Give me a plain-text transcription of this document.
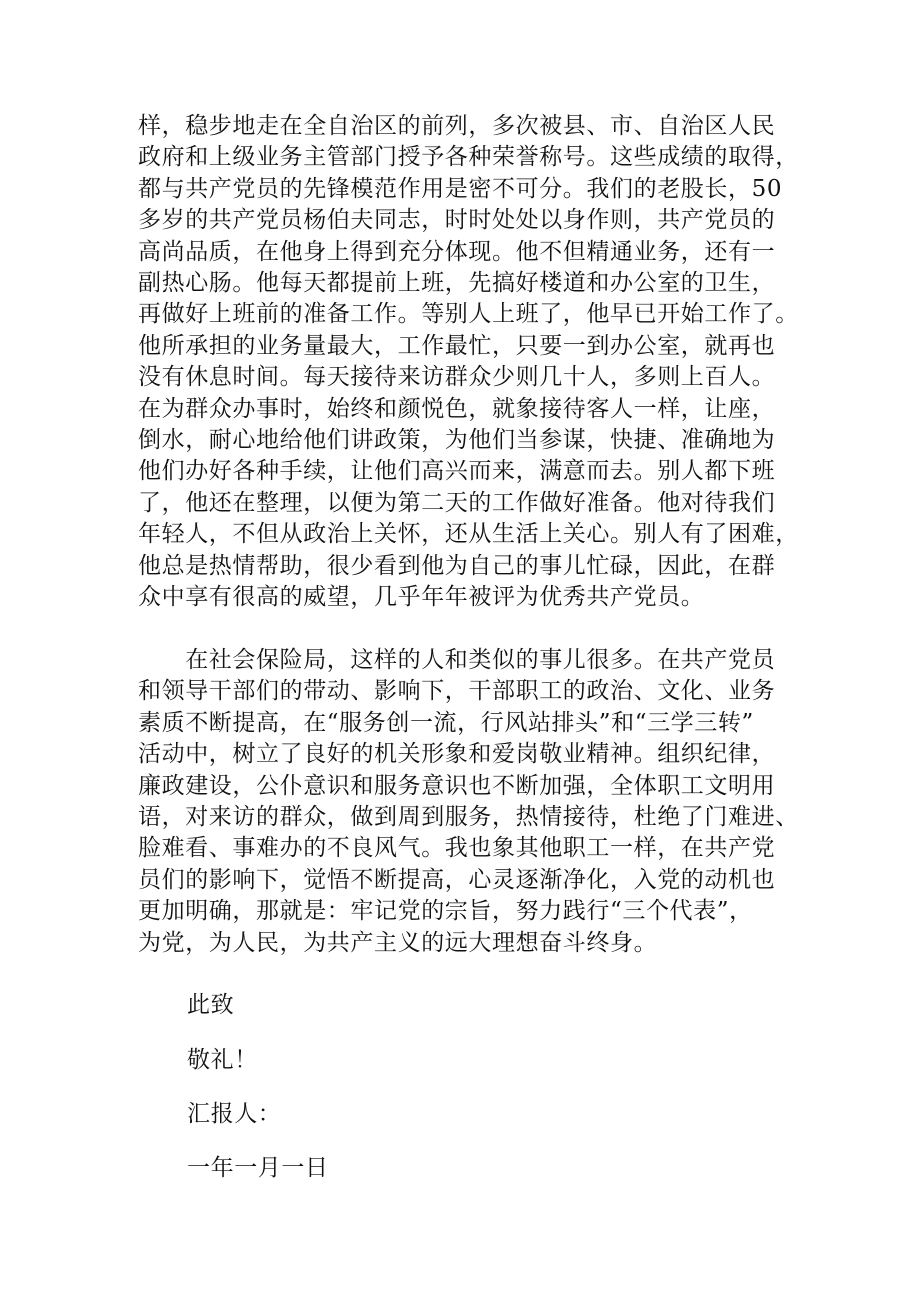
样，稳步地走在全自治区的前列，多次被县、市、自治区人民
政府和上级业务主管部门授予各种荣誉称号。这些成绩的取得，
都与共产党员的先锋模范作用是密不可分。我们的老股长，50
多岁的共产党员杨伯夫同志，时时处处以身作则，共产党员的
高尚品质，在他身上得到充分体现。他不但精通业务，还有一
副热心肠。他每天都提前上班，先搞好楼道和办公室的卫生，
再做好上班前的准备工作。等别人上班了，他早已开始工作了。
他所承担的业务量最大，工作最忙，只要一到办公室，就再也
没有休息时间。每天接待来访群众少则几十人，多则上百人。
在为群众办事时，始终和颜悦色，就象接待客人一样，让座，
倒水，耐心地给他们讲政策，为他们当参谋，快捷、准确地为
他们办好各种手续，让他们高兴而来，满意而去。别人都下班
了，他还在整理，以便为第二天的工作做好准备。他对待我们
年轻人，不但从政治上关怀，还从生活上关心。别人有了困难，
他总是热情帮助，很少看到他为自己的事儿忙碌，因此，在群
众中享有很高的威望，几乎年年被评为优秀共产党员。
　　在社会保险局，这样的人和类似的事儿很多。在共产党员
和领导干部们的带动、影响下，干部职工的政治、文化、业务
素质不断提高，在“服务创一流，行风站排头”和“三学三转”
活动中，树立了良好的机关形象和爱岗敬业精神。组织纪律，
廉政建设，公仆意识和服务意识也不断加强，全体职工文明用
语，对来访的群众，做到周到服务，热情接待，杜绝了门难进、
脸难看、事难办的不良风气。我也象其他职工一样，在共产党
员们的影响下，觉悟不断提高，心灵逐渐净化，入党的动机也
更加明确，那就是：牢记党的宗旨，努力践行“三个代表”，
为党，为人民，为共产主义的远大理想奋斗终身。

此致

敬礼！

汇报人：

一年一月一日
